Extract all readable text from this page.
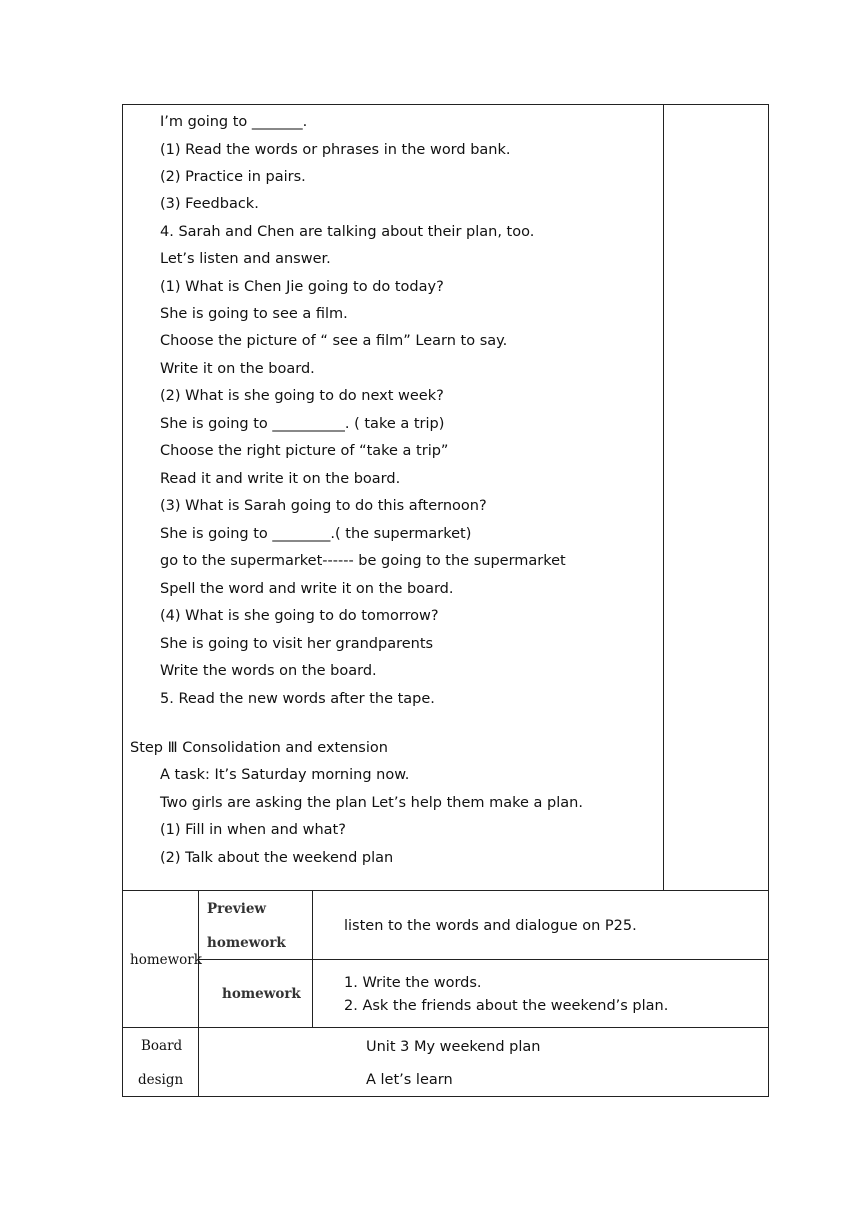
I’m going to _______.
(1) Read the words or phrases in the word bank.
(2) Practice in pairs.
(3) Feedback.
4. Sarah and Chen are talking about their plan, too.
Let’s listen and answer.
(1) What is Chen Jie going to do today?
She is going to see a film.
Choose the picture of “ see a film” Learn to say.
Write it on the board.
(2) What is she going to do next week?
She is going to __________. ( take a trip)
Choose the right picture of “take a trip”
Read it and write it on the board.
(3) What is Sarah going to do this afternoon?
She is going to ________.( the supermarket)
go to the supermarket------ be going to the supermarket
Spell the word and write it on the board.
(4) What is she going to do tomorrow?
She is going to visit her grandparents
Write the words on the board.
5. Read the new words after the tape.
Step Ⅲ Consolidation and extension
A task: It’s Saturday morning now.
Two girls are asking the plan Let’s help them make a plan.
(1) Fill in when and what?
(2) Talk about the weekend plan
homework
Preview
homework
listen to the words and dialogue on P25.
homework
1. Write the words.
2. Ask the friends about the weekend’s plan.
Board
design
Unit 3 My weekend plan
A let’s learn
